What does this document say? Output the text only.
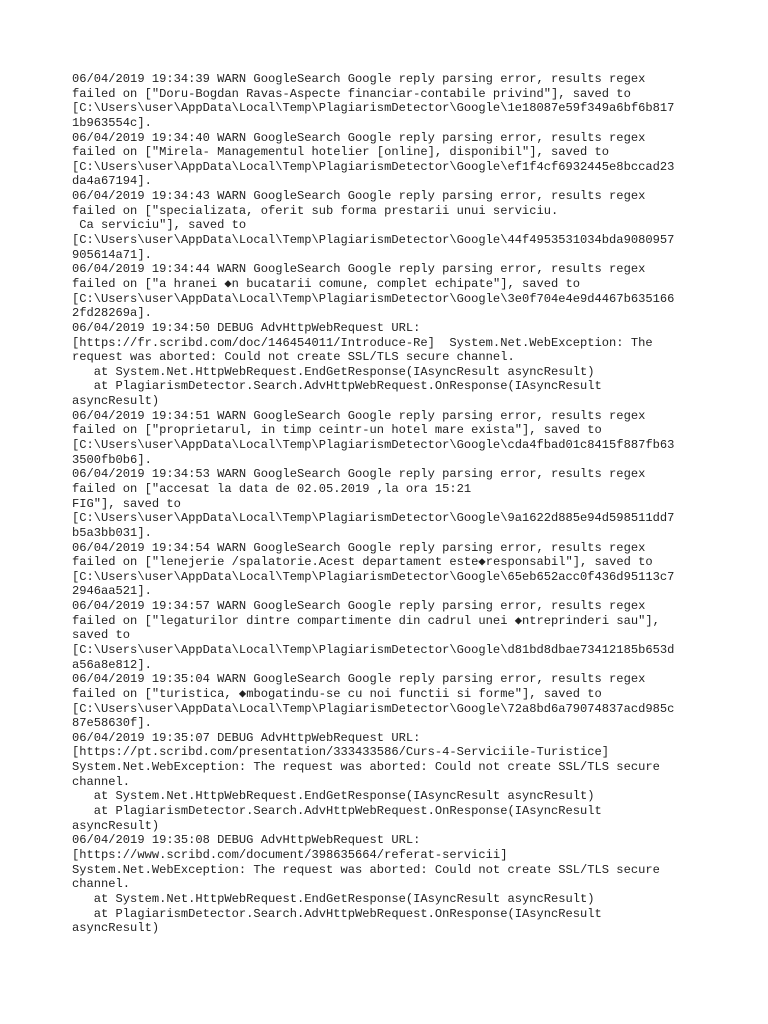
06/04/2019 19:34:39 WARN GoogleSearch Google reply parsing error, results regex
failed on ["Doru-Bogdan Ravas-Aspecte financiar-contabile privind"], saved to
[C:\Users\user\AppData\Local\Temp\PlagiarismDetector\Google\1e18087e59f349a6bf6b817
1b963554c].
06/04/2019 19:34:40 WARN GoogleSearch Google reply parsing error, results regex
failed on ["Mirela- Managementul hotelier [online], disponibil"], saved to
[C:\Users\user\AppData\Local\Temp\PlagiarismDetector\Google\ef1f4cf6932445e8bccad23
da4a67194].
06/04/2019 19:34:43 WARN GoogleSearch Google reply parsing error, results regex
failed on ["specializata, oferit sub forma prestarii unui serviciu.
Ca serviciu"], saved to
[C:\Users\user\AppData\Local\Temp\PlagiarismDetector\Google\44f4953531034bda9080957
905614a71].
06/04/2019 19:34:44 WARN GoogleSearch Google reply parsing error, results regex
failed on ["a hranei ◆n bucatarii comune, complet echipate"], saved to
[C:\Users\user\AppData\Local\Temp\PlagiarismDetector\Google\3e0f704e4e9d4467b635166
2fd28269a].
06/04/2019 19:34:50 DEBUG AdvHttpWebRequest URL:
[https://fr.scribd.com/doc/146454011/Introduce-Re]  System.Net.WebException: The
request was aborted: Could not create SSL/TLS secure channel.
at System.Net.HttpWebRequest.EndGetResponse(IAsyncResult asyncResult)
at PlagiarismDetector.Search.AdvHttpWebRequest.OnResponse(IAsyncResult
asyncResult)
06/04/2019 19:34:51 WARN GoogleSearch Google reply parsing error, results regex
failed on ["proprietarul, in timp ceintr-un hotel mare exista"], saved to
[C:\Users\user\AppData\Local\Temp\PlagiarismDetector\Google\cda4fbad01c8415f887fb63
3500fb0b6].
06/04/2019 19:34:53 WARN GoogleSearch Google reply parsing error, results regex
failed on ["accesat la data de 02.05.2019 ,la ora 15:21
FIG"], saved to
[C:\Users\user\AppData\Local\Temp\PlagiarismDetector\Google\9a1622d885e94d598511dd7
b5a3bb031].
06/04/2019 19:34:54 WARN GoogleSearch Google reply parsing error, results regex
failed on ["lenejerie /spalatorie.Acest departament este◆responsabil"], saved to
[C:\Users\user\AppData\Local\Temp\PlagiarismDetector\Google\65eb652acc0f436d95113c7
2946aa521].
06/04/2019 19:34:57 WARN GoogleSearch Google reply parsing error, results regex
failed on ["legaturilor dintre compartimente din cadrul unei ◆ntreprinderi sau"],
saved to
[C:\Users\user\AppData\Local\Temp\PlagiarismDetector\Google\d81bd8dbae73412185b653d
a56a8e812].
06/04/2019 19:35:04 WARN GoogleSearch Google reply parsing error, results regex
failed on ["turistica, ◆mbogatindu-se cu noi functii si forme"], saved to
[C:\Users\user\AppData\Local\Temp\PlagiarismDetector\Google\72a8bd6a79074837acd985c
87e58630f].
06/04/2019 19:35:07 DEBUG AdvHttpWebRequest URL:
[https://pt.scribd.com/presentation/333433586/Curs-4-Serviciile-Turistice]
System.Net.WebException: The request was aborted: Could not create SSL/TLS secure
channel.
at System.Net.HttpWebRequest.EndGetResponse(IAsyncResult asyncResult)
at PlagiarismDetector.Search.AdvHttpWebRequest.OnResponse(IAsyncResult
asyncResult)
06/04/2019 19:35:08 DEBUG AdvHttpWebRequest URL:
[https://www.scribd.com/document/398635664/referat-servicii]
System.Net.WebException: The request was aborted: Could not create SSL/TLS secure
channel.
at System.Net.HttpWebRequest.EndGetResponse(IAsyncResult asyncResult)
at PlagiarismDetector.Search.AdvHttpWebRequest.OnResponse(IAsyncResult
asyncResult)
